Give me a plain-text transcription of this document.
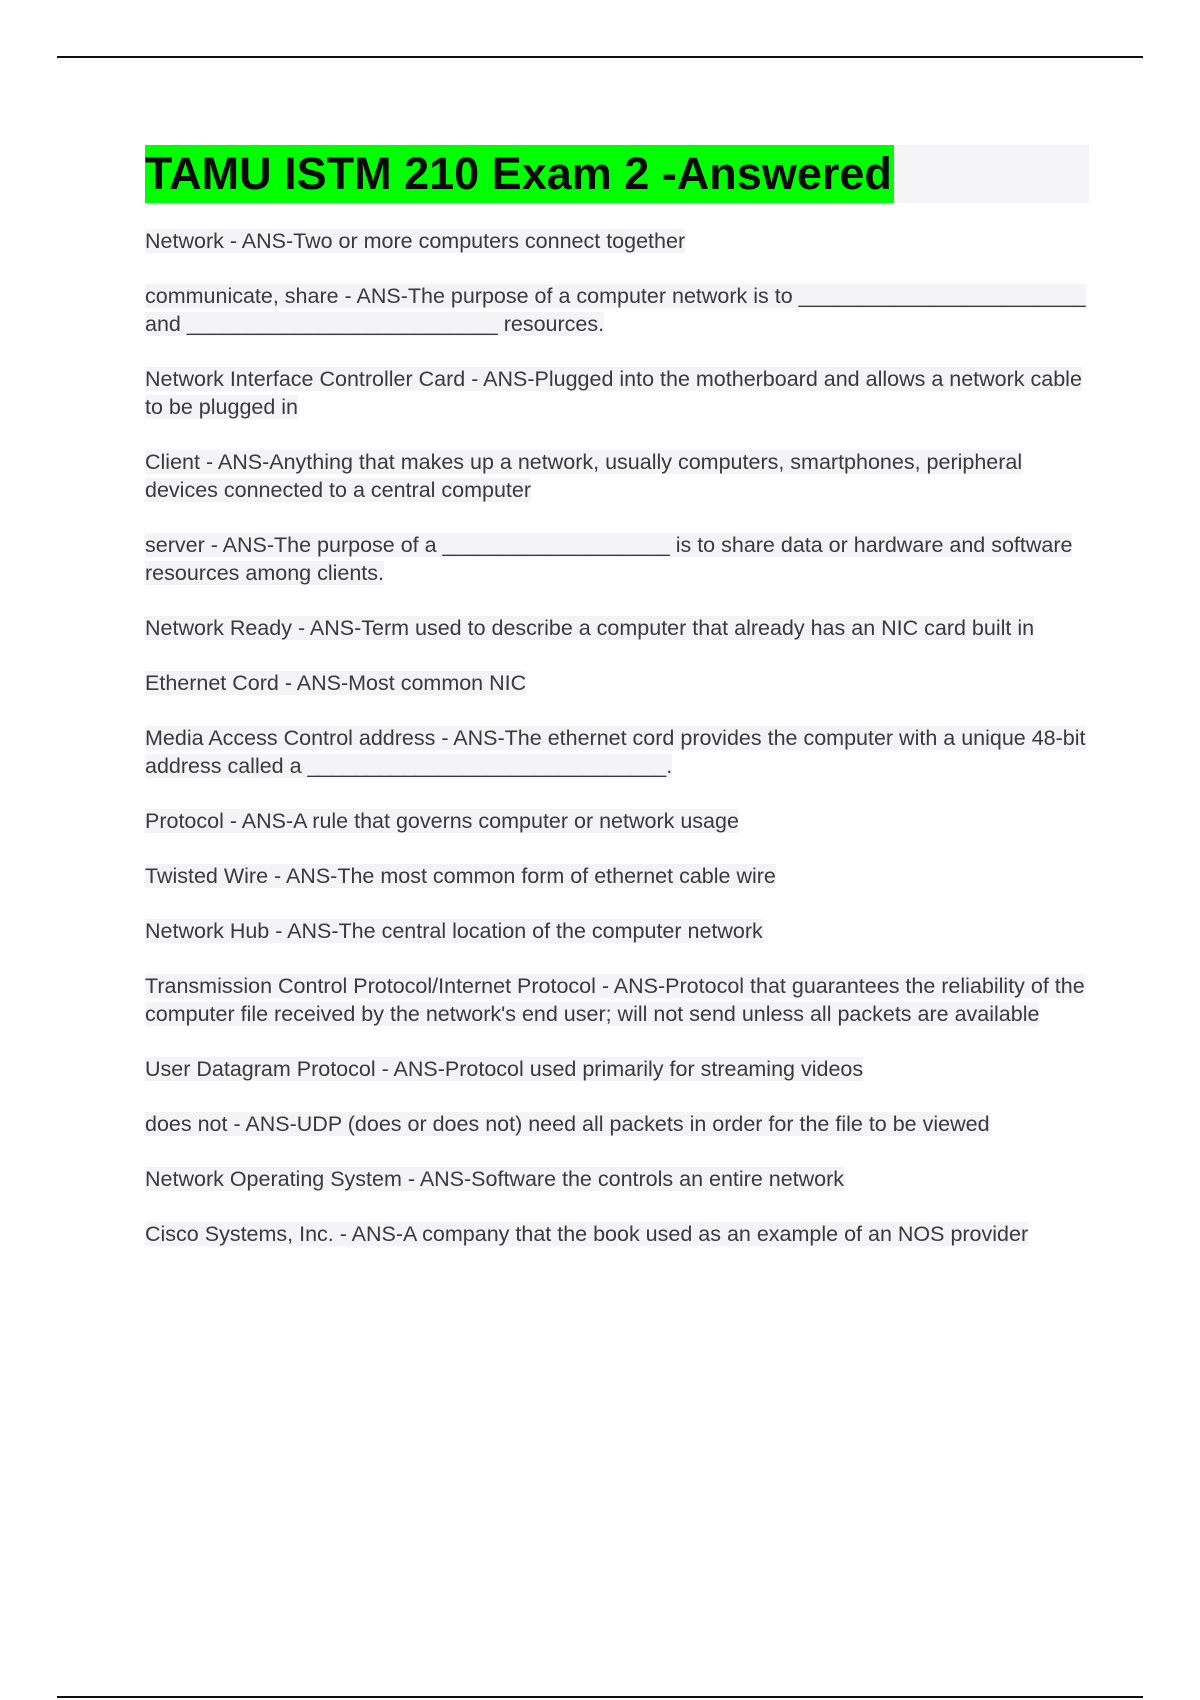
TAMU ISTM 210 Exam 2 -Answered
Network - ANS-Two or more computers connect together
communicate, share - ANS-The purpose of a computer network is to ________________________ and __________________________ resources.
Network Interface Controller Card - ANS-Plugged into the motherboard and allows a network cable to be plugged in
Client - ANS-Anything that makes up a network, usually computers, smartphones, peripheral devices connected to a central computer
server - ANS-The purpose of a ___________________ is to share data or hardware and software resources among clients.
Network Ready - ANS-Term used to describe a computer that already has an NIC card built in
Ethernet Cord - ANS-Most common NIC
Media Access Control address - ANS-The ethernet cord provides the computer with a unique 48-bit address called a ______________________________.
Protocol - ANS-A rule that governs computer or network usage
Twisted Wire - ANS-The most common form of ethernet cable wire
Network Hub - ANS-The central location of the computer network
Transmission Control Protocol/Internet Protocol - ANS-Protocol that guarantees the reliability of the computer file received by the network's end user; will not send unless all packets are available
User Datagram Protocol - ANS-Protocol used primarily for streaming videos
does not - ANS-UDP (does or does not) need all packets in order for the file to be viewed
Network Operating System - ANS-Software the controls an entire network
Cisco Systems, Inc. - ANS-A company that the book used as an example of an NOS provider
